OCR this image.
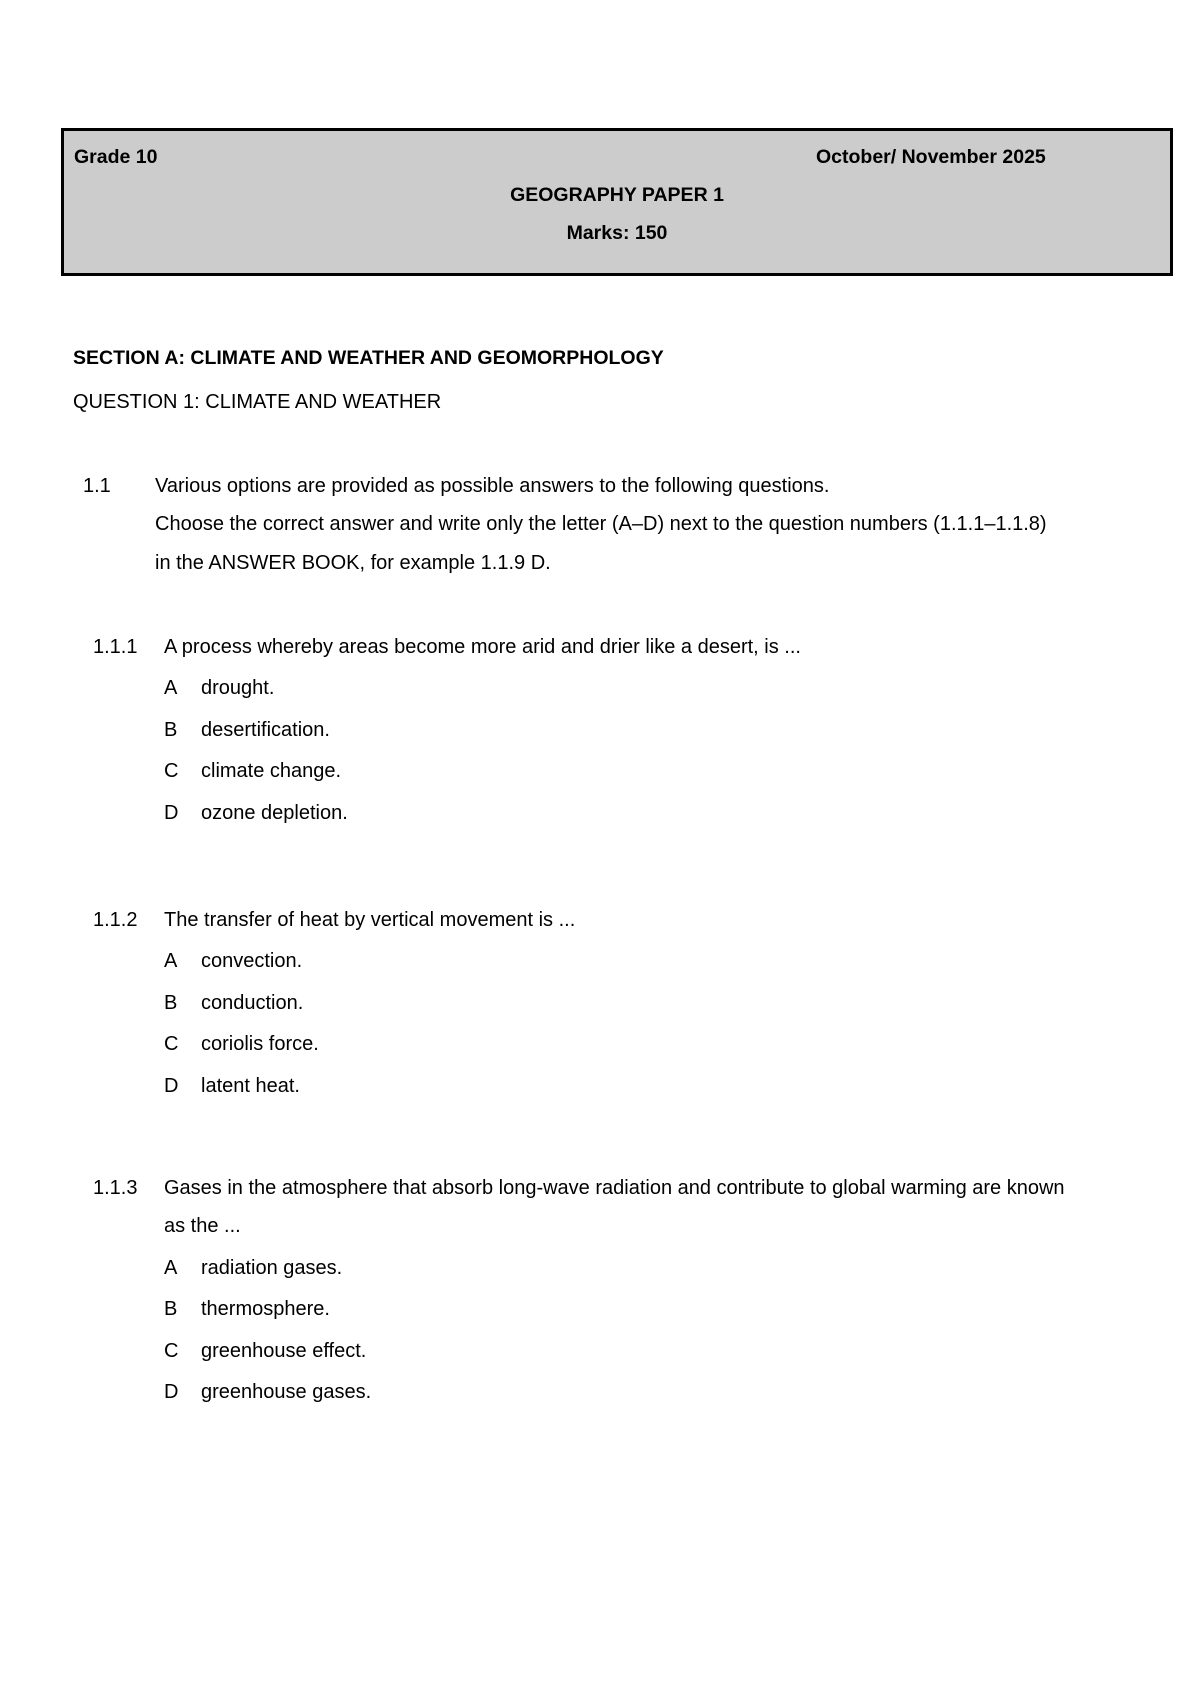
Grade 10	October/ November 2025
GEOGRAPHY PAPER 1
Marks: 150
SECTION A: CLIMATE AND WEATHER AND GEOMORPHOLOGY
QUESTION 1: CLIMATE AND WEATHER
1.1 Various options are provided as possible answers to the following questions.
Choose the correct answer and write only the letter (A–D) next to the question numbers (1.1.1–1.1.8)
in the ANSWER BOOK, for example 1.1.9 D.
1.1.1 A process whereby areas become more arid and drier like a desert, is ...
A drought.
B desertification.
C climate change.
D ozone depletion.
1.1.2 The transfer of heat by vertical movement is ...
A convection.
B conduction.
C coriolis force.
D latent heat.
1.1.3 Gases in the atmosphere that absorb long-wave radiation and contribute to global warming are known
as the ...
A radiation gases.
B thermosphere.
C greenhouse effect.
D greenhouse gases.
